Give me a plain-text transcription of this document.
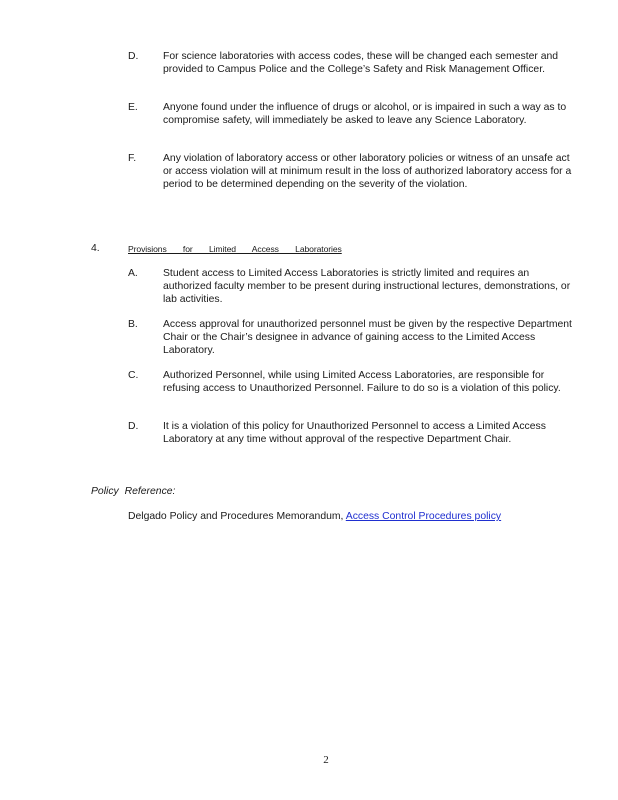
D.	For science laboratories with access codes, these will be changed each semester and provided to Campus Police and the College’s Safety and Risk Management Officer.
E.	Anyone found under the influence of drugs or alcohol, or is impaired in such a way as to compromise safety, will immediately be asked to leave any Science Laboratory.
F.	Any violation of laboratory access or other laboratory policies or witness of an unsafe act or access violation will at minimum result in the loss of authorized laboratory access for a period to be determined depending on the severity of the violation.
4.	Provisions for Limited Access Laboratories
A.	Student access to Limited Access Laboratories is strictly limited and requires an authorized faculty member to be present during instructional lectures, demonstrations, or lab activities.
B.	Access approval for unauthorized personnel must be given by the respective Department Chair or the Chair’s designee in advance of gaining access to the Limited Access Laboratory.
C.	Authorized Personnel, while using Limited Access Laboratories, are responsible for refusing access to Unauthorized Personnel. Failure to do so is a violation of this policy.
D.	It is a violation of this policy for Unauthorized Personnel to access a Limited Access Laboratory at any time without approval of the respective Department Chair.
Policy Reference:
Delgado Policy and Procedures Memorandum, Access Control Procedures policy
2
